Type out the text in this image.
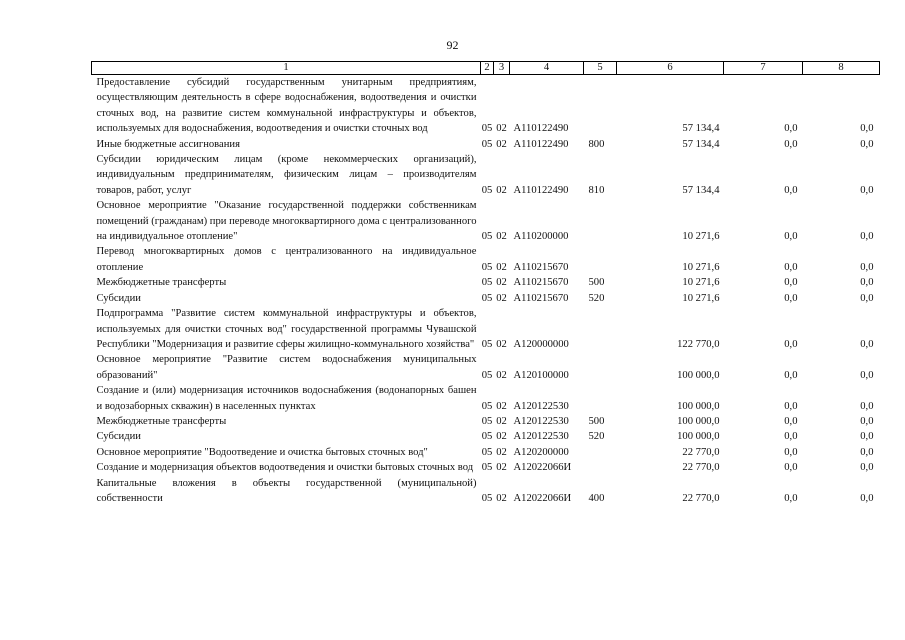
92
1	2	3	4	5	6	7	8
Предоставление субсидий государственным унитарным предприятиям, осуществляющим деятельность в сфере водоснабжения, водоотведения и очистки сточных вод, на развитие систем коммунальной инфраструктуры и объектов, используемых для водоснабжения, водоотведения и очистки сточных вод	05	02	А110122490		57 134,4	0,0	0,0
Иные бюджетные ассигнования	05	02	А110122490	800	57 134,4	0,0	0,0
Субсидии юридическим лицам (кроме некоммерческих организаций), индивидуальным предпринимателям, физическим лицам – производителям товаров, работ, услуг	05	02	А110122490	810	57 134,4	0,0	0,0
Основное мероприятие "Оказание государственной поддержки собственникам помещений (гражданам) при переводе многоквартирного дома с централизованного на индивидуальное отопление"	05	02	А110200000		10 271,6	0,0	0,0
Перевод многоквартирных домов с централизованного на индивидуальное отопление	05	02	А110215670		10 271,6	0,0	0,0
Межбюджетные трансферты	05	02	А110215670	500	10 271,6	0,0	0,0
Субсидии	05	02	А110215670	520	10 271,6	0,0	0,0
Подпрограмма "Развитие систем коммунальной инфраструктуры и объектов, используемых для очистки сточных вод" государственной программы Чувашской Республики "Модернизация и развитие сферы жилищно-коммунального хозяйства"	05	02	А120000000		122 770,0	0,0	0,0
Основное мероприятие "Развитие систем водоснабжения муниципальных образований"	05	02	А120100000		100 000,0	0,0	0,0
Создание и (или) модернизация источников водоснабжения (водонапорных башен и водозаборных скважин) в населенных пунктах	05	02	А120122530		100 000,0	0,0	0,0
Межбюджетные трансферты	05	02	А120122530	500	100 000,0	0,0	0,0
Субсидии	05	02	А120122530	520	100 000,0	0,0	0,0
Основное мероприятие "Водоотведение и очистка бытовых сточных вод"	05	02	А120200000		22 770,0	0,0	0,0
Создание и модернизация объектов водоотведения и очистки бытовых сточных вод	05	02	А12022066И		22 770,0	0,0	0,0
Капитальные вложения в объекты государственной (муниципальной) собственности	05	02	А12022066И	400	22 770,0	0,0	0,0
